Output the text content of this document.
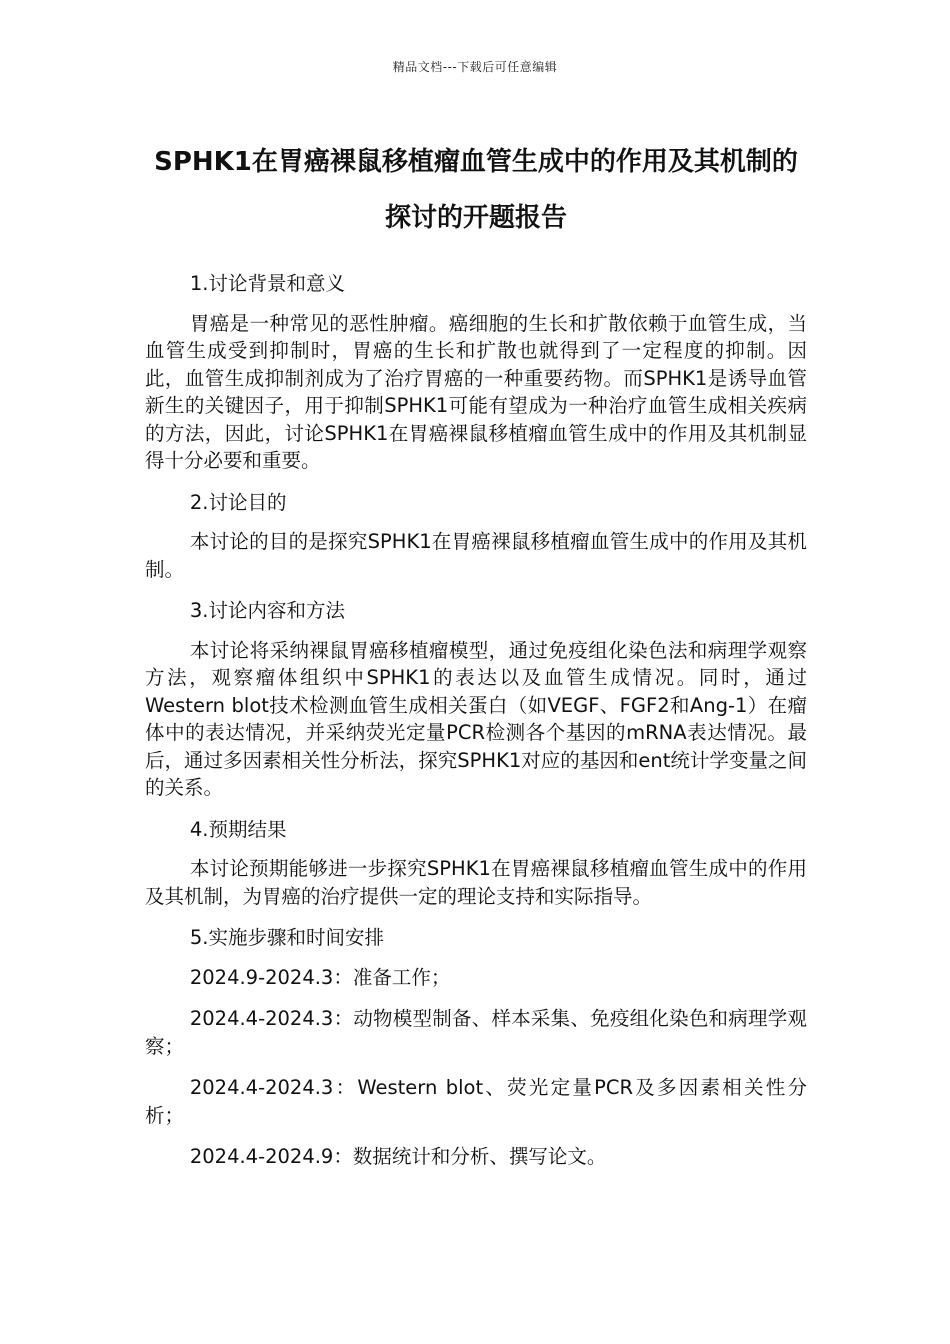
精品文档---下载后可任意编辑
SPHK1在胃癌裸鼠移植瘤血管生成中的作用及其机制的探讨的开题报告

1.讨论背景和意义

胃癌是一种常见的恶性肿瘤。癌细胞的生长和扩散依赖于血管生成，当血管生成受到抑制时，胃癌的生长和扩散也就得到了一定程度的抑制。因此，血管生成抑制剂成为了治疗胃癌的一种重要药物。而SPHK1是诱导血管新生的关键因子，用于抑制SPHK1可能有望成为一种治疗血管生成相关疾病的方法，因此，讨论SPHK1在胃癌裸鼠移植瘤血管生成中的作用及其机制显得十分必要和重要。

2.讨论目的

本讨论的目的是探究SPHK1在胃癌裸鼠移植瘤血管生成中的作用及其机制。

3.讨论内容和方法

本讨论将采纳裸鼠胃癌移植瘤模型，通过免疫组化染色法和病理学观察方法，观察瘤体组织中SPHK1的表达以及血管生成情况。同时，通过Western blot技术检测血管生成相关蛋白（如VEGF、FGF2和Ang-1）在瘤体中的表达情况，并采纳荧光定量PCR检测各个基因的mRNA表达情况。最后，通过多因素相关性分析法，探究SPHK1对应的基因和ent统计学变量之间的关系。

4.预期结果

本讨论预期能够进一步探究SPHK1在胃癌裸鼠移植瘤血管生成中的作用及其机制，为胃癌的治疗提供一定的理论支持和实际指导。

5.实施步骤和时间安排

2024.9-2024.3：准备工作；

2024.4-2024.3：动物模型制备、样本采集、免疫组化染色和病理学观察；

2024.4-2024.3：Western blot、荧光定量PCR及多因素相关性分析；

2024.4-2024.9：数据统计和分析、撰写论文。
